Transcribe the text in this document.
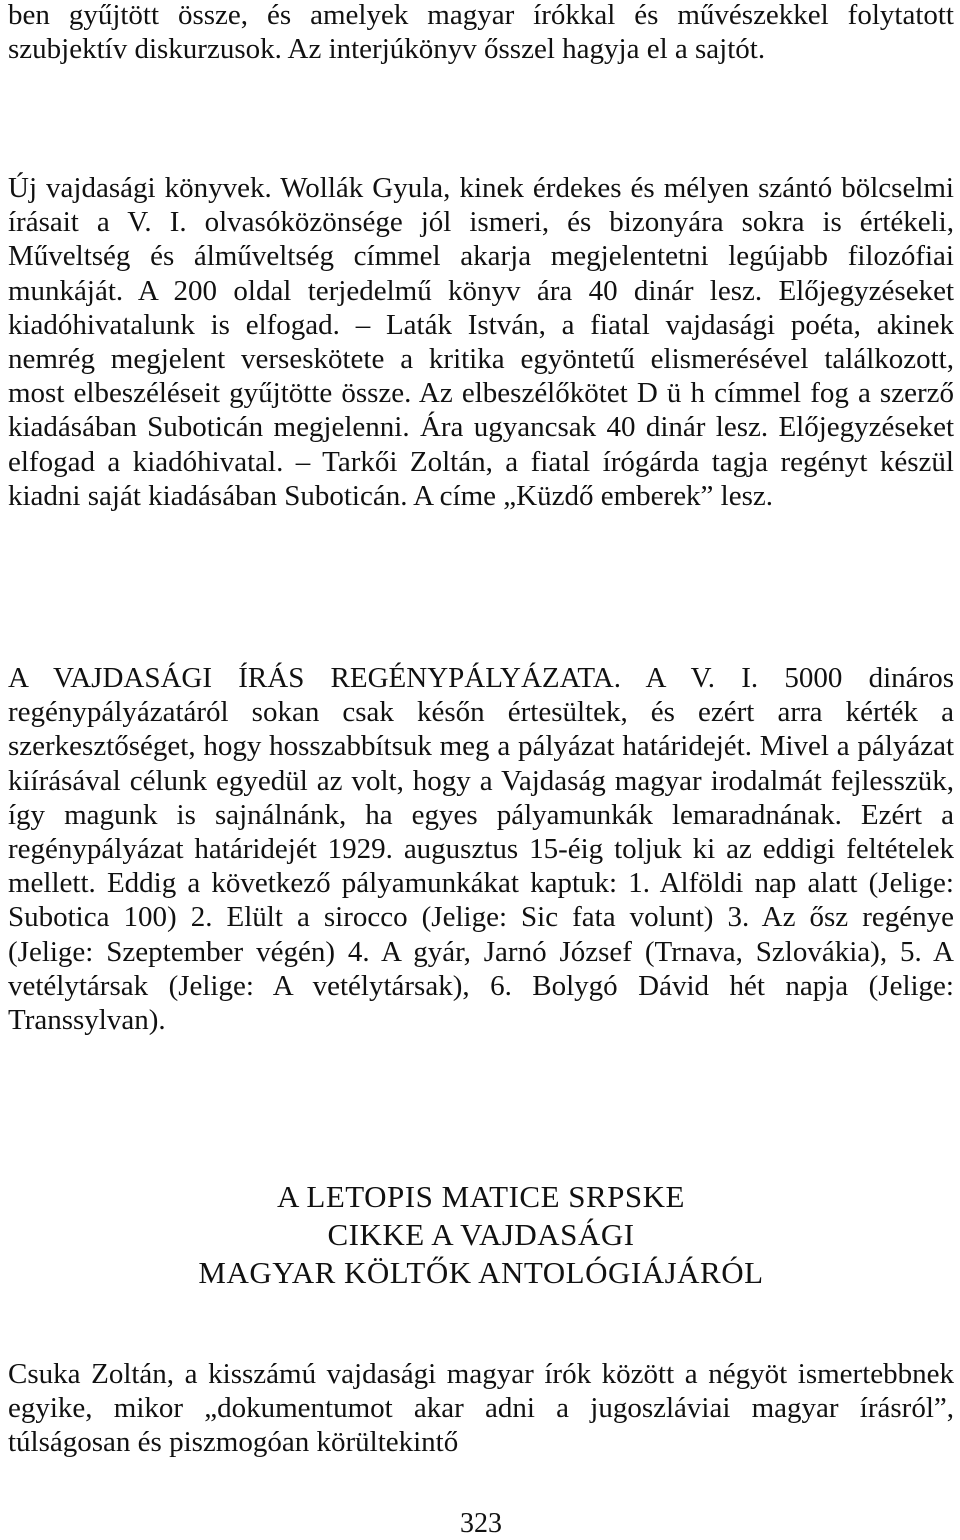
ben gyűjtött össze, és amelyek magyar írókkal és művészekkel folytatott szubjektív diskurzusok. Az interjúkönyv ősszel hagyja el a sajtót.

Új vajdasági könyvek. Wollák Gyula, kinek érdekes és mélyen szántó bölcselmi írásait a V. I. olvasóközönsége jól ismeri, és bizonyára sokra is értékeli, Műveltség és álműveltség címmel akarja megjelentetni legújabb filozófiai munkáját. A 200 oldal terjedelmű könyv ára 40 dinár lesz. Előjegyzéseket kiadóhivatalunk is elfogad. – Laták István, a fiatal vajdasági poéta, akinek nemrég megjelent verseskötete a kritika egyöntetű elismerésével találkozott, most elbeszéléseit gyűjtötte össze. Az elbeszélőkötet D ü h címmel fog a szerző kiadásában Suboticán megjelenni. Ára ugyancsak 40 dinár lesz. Előjegyzéseket elfogad a kiadóhivatal. – Tarkői Zoltán, a fiatal írógárda tagja regényt készül kiadni saját kiadásában Suboticán. A címe „Küzdő emberek” lesz.

A VAJDASÁGI ÍRÁS REGÉNYPÁLYÁZATA. A V. I. 5000 dináros regénypályázatáról sokan csak későn értesültek, és ezért arra kérték a szerkesztőséget, hogy hosszabbítsuk meg a pályázat határidejét. Mivel a pályázat kiírásával célunk egyedül az volt, hogy a Vajdaság magyar irodalmát fejlesszük, így magunk is sajnálnánk, ha egyes pályamunkák lemaradnának. Ezért a regénypályázat határidejét 1929. augusztus 15-éig toljuk ki az eddigi feltételek mellett. Eddig a következő pályamunkákat kaptuk: 1. Alföldi nap alatt (Jelige: Subotica 100) 2. Elült a sirocco (Jelige: Sic fata volunt) 3. Az ősz regénye (Jelige: Szeptember végén) 4. A gyár, Jarnó József (Trnava, Szlovákia), 5. A vetélytársak (Jelige: A vetélytársak), 6. Bolygó Dávid hét napja (Jelige: Transsylvan).

A LETOPIS MATICE SRPSKE
CIKKE A VAJDASÁGI
MAGYAR KÖLTŐK ANTOLÓGIÁJÁRÓL

Csuka Zoltán, a kisszámú vajdasági magyar írók között a négyöt ismertebbnek egyike, mikor „dokumentumot akar adni a jugoszláviai magyar írásról”, túlságosan és piszmogóan körültekintő

323
